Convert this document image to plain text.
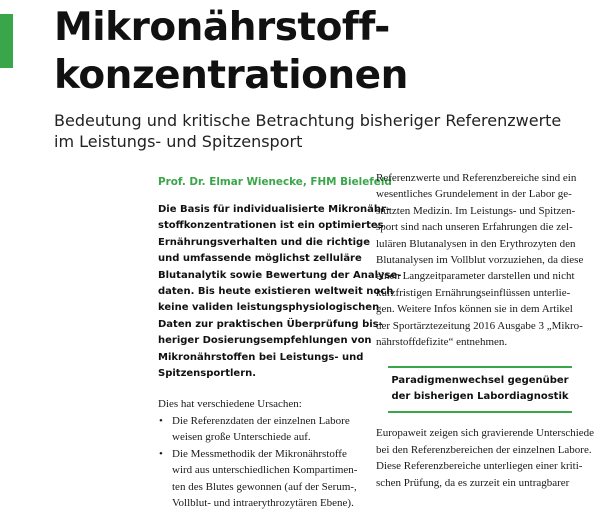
Mikronährstoff-
konzentrationen

Bedeutung und kritische Betrachtung bisheriger Referenzwerte
im Leistungs- und Spitzensport

Prof. Dr. Elmar Wienecke, FHM Bielefeld

Die Basis für individualisierte Mikronähr-
stoffkonzentrationen ist ein optimiertes
Ernährungsverhalten und die richtige
und umfassende möglichst zelluläre
Blutanalytik sowie Bewertung der Analyse-
daten. Bis heute existieren weltweit noch
keine validen leistungsphysiologischen
Daten zur praktischen Überprüfung bis-
heriger Dosierungsempfehlungen von
Mikronährstoffen bei Leistungs- und
Spitzensportlern.

Dies hat verschiedene Ursachen:

• Die Referenzdaten der einzelnen Labore
weisen große Unterschiede auf.
• Die Messmethodik der Mikronährstoffe
wird aus unterschiedlichen Kompartimen-
ten des Blutes gewonnen (auf der Serum-,
Vollblut- und intraerythrozytären Ebene).

Referenzwerte und Referenzbereiche sind ein
wesentliches Grundelement in der Labor ge-
stützten Medizin. Im Leistungs- und Spitzen-
sport sind nach unseren Erfahrungen die zel-
lulären Blutanalysen in den Erythrozyten den
Blutanalysen im Vollblut vorzuziehen, da diese
einen Langzeitparameter darstellen und nicht
kurzfristigen Ernährungseinflüssen unterlie-
gen. Weitere Infos können sie in dem Artikel
der Sportärztezeitung 2016 Ausgabe 3 „Mikro-
nährstoffdefizite“ entnehmen.

Paradigmenwechsel gegenüber
der bisherigen Labordiagnostik

Europaweit zeigen sich gravierende Unterschiede
bei den Referenzbereichen der einzelnen Labore.
Diese Referenzbereiche unterliegen einer kriti-
schen Prüfung, da es zurzeit ein untragbarer
